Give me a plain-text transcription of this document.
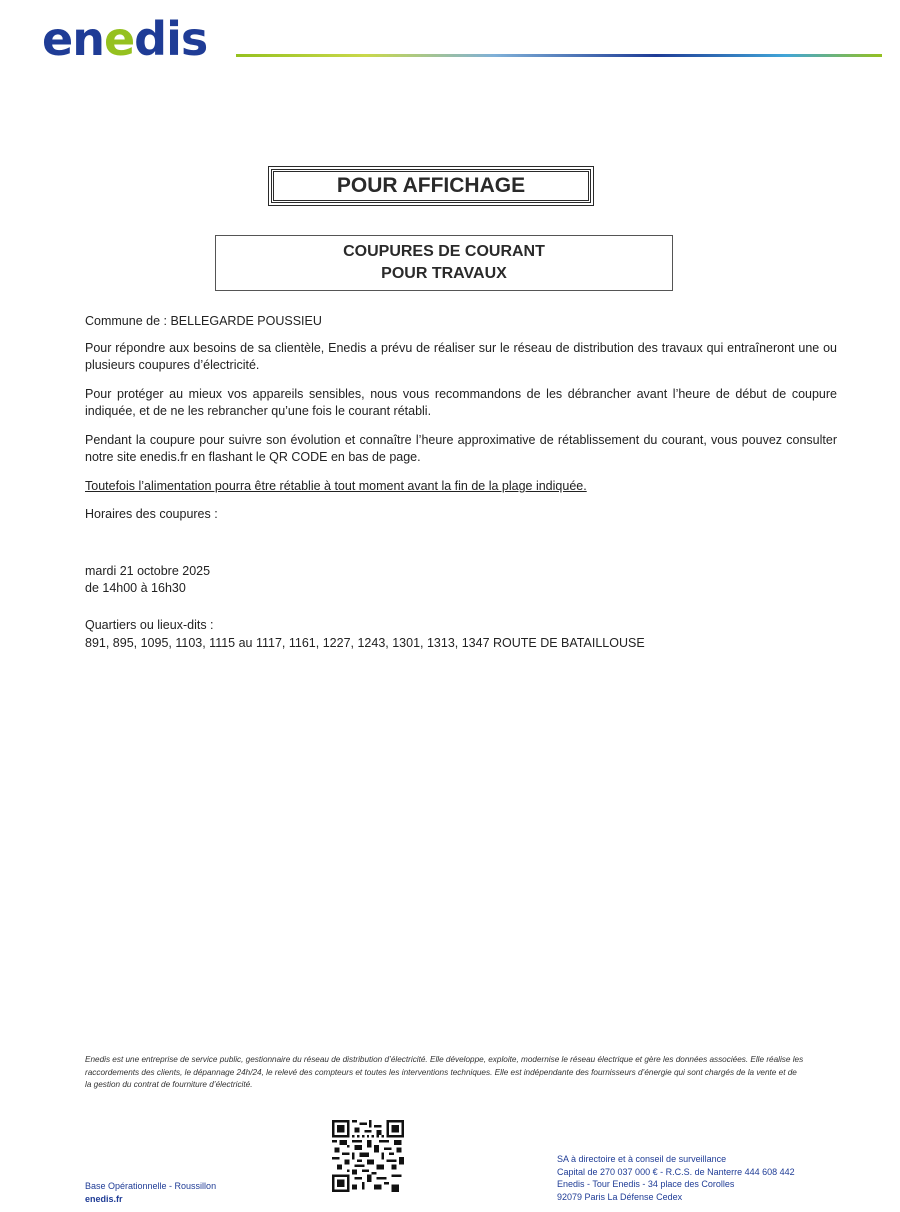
enedis
POUR AFFICHAGE
COUPURES DE COURANT
POUR TRAVAUX
Commune de : BELLEGARDE POUSSIEU
Pour répondre aux besoins de sa clientèle, Enedis a prévu de réaliser sur le réseau de distribution des travaux qui entraîneront une ou plusieurs coupures d’électricité.
Pour protéger au mieux vos appareils sensibles, nous vous recommandons de les débrancher avant l’heure de début de coupure indiquée, et de ne les rebrancher qu’une fois le courant rétabli.
Pendant la coupure pour suivre son évolution et connaître l’heure approximative de rétablissement du courant, vous pouvez consulter notre site enedis.fr en flashant le QR CODE en bas de page.
Toutefois l’alimentation pourra être rétablie à tout moment avant la fin de la plage indiquée.
Horaires des coupures :
mardi 21 octobre 2025
de 14h00 à 16h30
Quartiers ou lieux-dits :
891, 895, 1095, 1103, 1115 au 1117, 1161, 1227, 1243, 1301, 1313, 1347 ROUTE DE BATAILLOUSE
Enedis est une entreprise de service public, gestionnaire du réseau de distribution d’électricité. Elle développe, exploite, modernise le réseau électrique et gère les données associées. Elle réalise les raccordements des clients, le dépannage 24h/24, le relevé des compteurs et toutes les interventions techniques. Elle est indépendante des fournisseurs d’énergie qui sont chargés de la vente et de la gestion du contrat de fourniture d’électricité.
Base Opérationnelle - Roussillon
enedis.fr
SA à directoire et à conseil de surveillance
Capital de 270 037 000 € - R.C.S. de Nanterre 444 608 442
Enedis - Tour Enedis - 34 place des Corolles
92079 Paris La Défense Cedex
